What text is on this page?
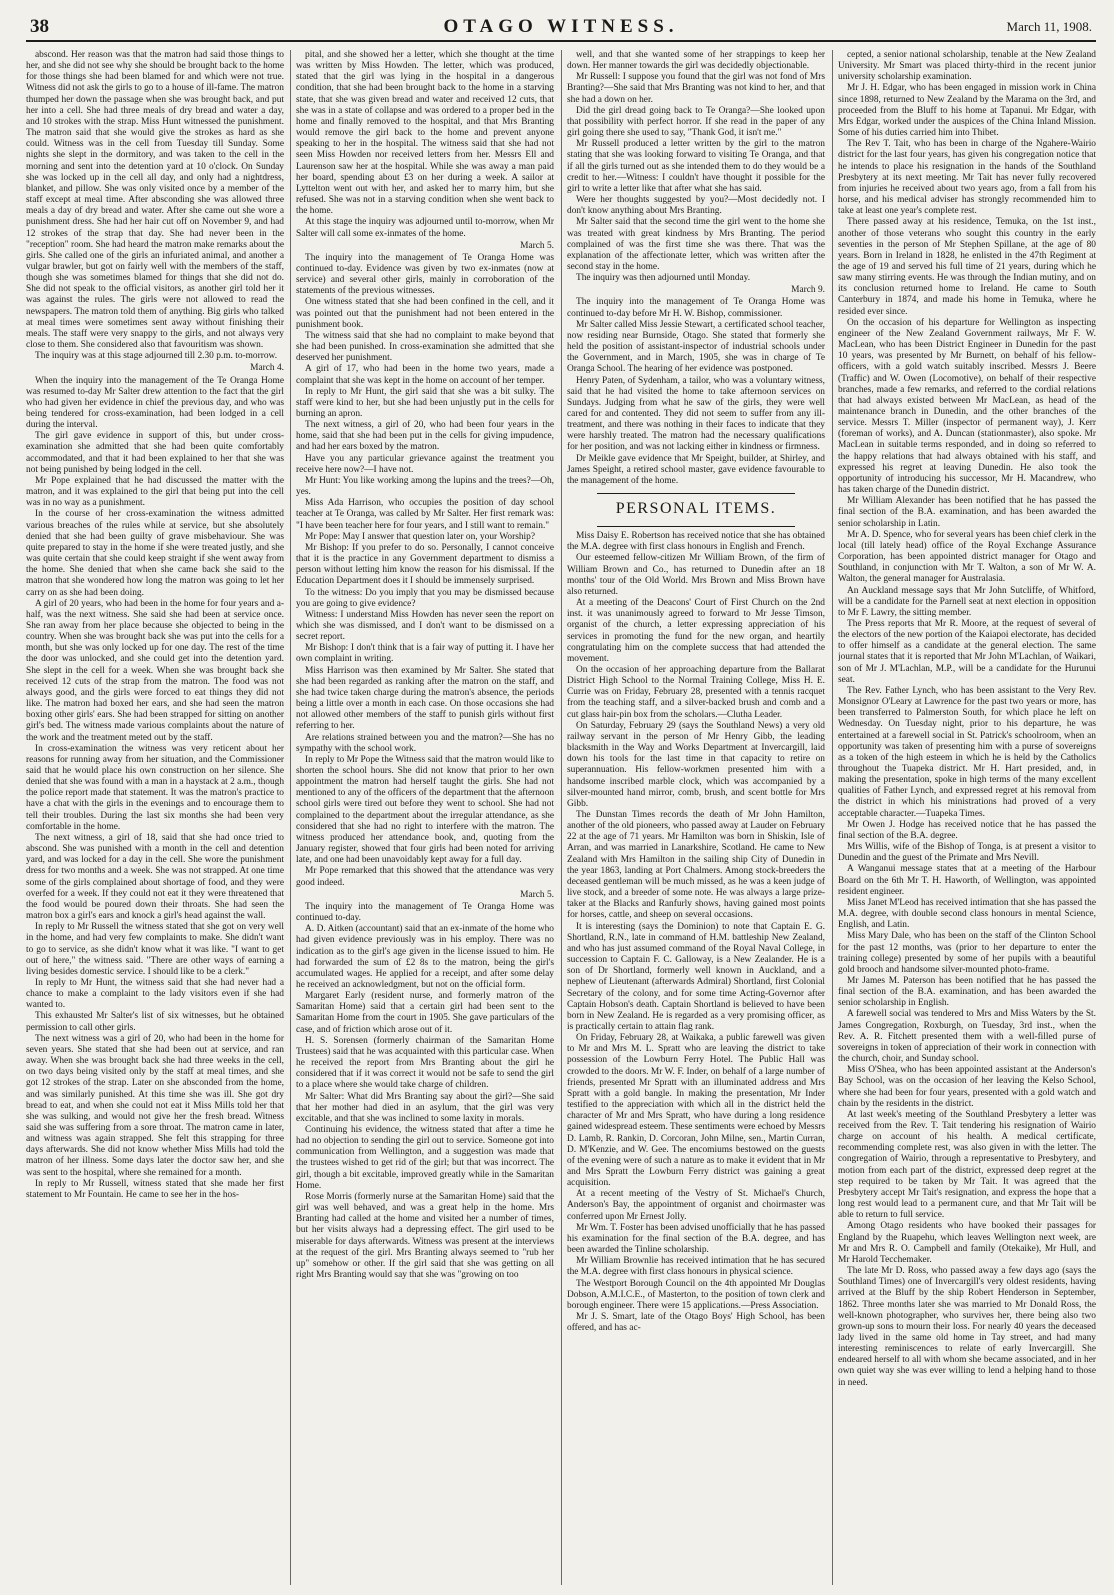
38	OTAGO WITNESS.	March 11, 1908.

abscond. Her reason was that the matron had said those things to her, and she did not see why she should be brought back to the home for those things she had been blamed for and which were not true. Witness did not ask the girls to go to a house of ill-fame. The matron thumped her down the passage when she was brought back, and put her into a cell. She had three meals of dry bread and water a day, and 10 strokes with the strap. Miss Hunt witnessed the punishment. The matron said that she would give the strokes as hard as she could. Witness was in the cell from Tuesday till Sunday. Some nights she slept in the dormitory, and was taken to the cell in the morning and sent into the detention yard at 10 o'clock. On Sunday she was locked up in the cell all day, and only had a nightdress, blanket, and pillow. She was only visited once by a member of the staff except at meal time. After absconding she was allowed three meals a day of dry bread and water. After she came out she wore a punishment dress. She had her hair cut off on November 9, and had 12 strokes of the strap that day. She had never been in the "reception" room. She had heard the matron make remarks about the girls. She called one of the girls an infuriated animal, and another a vulgar brawler, but got on fairly well with the members of the staff, though she was sometimes blamed for things that she did not do. She did not speak to the official visitors, as another girl told her it was against the rules. The girls were not allowed to read the newspapers. The matron told them of anything. Big girls who talked at meal times were sometimes sent away without finishing their meals. The staff were very snappy to the girls, and not always very close to them. She considered also that favouritism was shown.

The inquiry was at this stage adjourned till 2.30 p.m. to-morrow.

March 4.

When the inquiry into the management of the Te Oranga Home was resumed to-day Mr Salter drew attention to the fact that the girl who had given her evidence in chief the previous day, and who was being tendered for cross-examination, had been lodged in a cell during the interval.

The girl gave evidence in support of this, but under cross-examination she admitted that she had been quite comfortably accommodated, and that it had been explained to her that she was not being punished by being lodged in the cell.

Mr Pope explained that he had discussed the matter with the matron, and it was explained to the girl that being put into the cell was in no way as a punishment.

In the course of her cross-examination the witness admitted various breaches of the rules while at service, but she absolutely denied that she had been guilty of grave misbehaviour. She was quite prepared to stay in the home if she were treated justly, and she was quite certain that she could keep straight if she went away from the home. She denied that when she came back she said to the matron that she wondered how long the matron was going to let her carry on as she had been doing.

A girl of 20 years, who had been in the home for four years and a-half, was the next witness. She said she had been at service once. She ran away from her place because she objected to being in the country. When she was brought back she was put into the cells for a month, but she was only locked up for one day. The rest of the time the door was unlocked, and she could get into the detention yard. She slept in the cell for a week. When she was brought back she received 12 cuts of the strap from the matron. The food was not always good, and the girls were forced to eat things they did not like. The matron had boxed her ears, and she had seen the matron boxing other girls' ears. She had been strapped for sitting on another girl's bed. The witness made various complaints about the nature of the work and the treatment meted out by the staff.

In cross-examination the witness was very reticent about her reasons for running away from her situation, and the Commissioner said that he would place his own construction on her silence. She denied that she was found with a man in a haystack at 2 a.m., though the police report made that statement. It was the matron's practice to have a chat with the girls in the evenings and to encourage them to tell their troubles. During the last six months she had been very comfortable in the home.

The next witness, a girl of 18, said that she had once tried to abscond. She was punished with a month in the cell and detention yard, and was locked for a day in the cell. She wore the punishment dress for two months and a week. She was not strapped. At one time some of the girls complained about shortage of food, and they were overfed for a week. If they could not eat it they were threatened that the food would be poured down their throats. She had seen the matron box a girl's ears and knock a girl's head against the wall.

In reply to Mr Russell the witness stated that she got on very well in the home, and had very few complaints to make. She didn't want to go to service, as she didn't know what it was like. "I want to get out of here," the witness said. "There are other ways of earning a living besides domestic service. I should like to be a clerk."

In reply to Mr Hunt, the witness said that she had never had a chance to make a complaint to the lady visitors even if she had wanted to.

This exhausted Mr Salter's list of six witnesses, but he obtained permission to call other girls.

The next witness was a girl of 20, who had been in the home for seven years. She stated that she had been out at service, and ran away. When she was brought back she had three weeks in the cell, on two days being visited only by the staff at meal times, and she got 12 strokes of the strap. Later on she absconded from the home, and was similarly punished. At this time she was ill. She got dry bread to eat, and when she could not eat it Miss Mills told her that she was sulking, and would not give her the fresh bread. Witness said she was suffering from a sore throat. The matron came in later, and witness was again strapped. She felt this strapping for three days afterwards. She did not know whether Miss Mills had told the matron of her illness. Some days later the doctor saw her, and she was sent to the hospital, where she remained for a month.

In reply to Mr Russell, witness stated that she made her first statement to Mr Fountain. He came to see her in the hos-

pital, and she showed her a letter, which she thought at the time was written by Miss Howden. The letter, which was produced, stated that the girl was lying in the hospital in a dangerous condition, that she had been brought back to the home in a starving state, that she was given bread and water and received 12 cuts, that she was in a state of collapse and was ordered to a proper bed in the home and finally removed to the hospital, and that Mrs Branting would remove the girl back to the home and prevent anyone speaking to her in the hospital. The witness said that she had not seen Miss Howden nor received letters from her. Messrs Ell and Laurenson saw her at the hospital. While she was away a man paid her board, spending about £3 on her during a week. A sailor at Lyttelton went out with her, and asked her to marry him, but she refused. She was not in a starving condition when she went back to the home.

At this stage the inquiry was adjourned until to-morrow, when Mr Salter will call some ex-inmates of the home.

March 5.

The inquiry into the management of Te Oranga Home was continued to-day. Evidence was given by two ex-inmates (now at service) and several other girls, mainly in corroboration of the statements of the previous witnesses.

One witness stated that she had been confined in the cell, and it was pointed out that the punishment had not been entered in the punishment book.

The witness said that she had no complaint to make beyond that she had been punished. In cross-examination she admitted that she deserved her punishment.

A girl of 17, who had been in the home two years, made a complaint that she was kept in the home on account of her temper.

In reply to Mr Hunt, the girl said that she was a bit sulky. The staff were kind to her, but she had been unjustly put in the cells for burning an apron.

The next witness, a girl of 20, who had been four years in the home, said that she had been put in the cells for giving impudence, and had her ears boxed by the matron.

Have you any particular grievance against the treatment you receive here now?—I have not.

Mr Hunt: You like working among the lupins and the trees?—Oh, yes.

Miss Ada Harrison, who occupies the position of day school teacher at Te Oranga, was called by Mr Salter. Her first remark was: "I have been teacher here for four years, and I still want to remain."

Mr Pope: May I answer that question later on, your Worship?

Mr Bishop: If you prefer to do so. Personally, I cannot conceive that it is the practice in any Government department to dismiss a person without letting him know the reason for his dismissal. If the Education Department does it I should be immensely surprised.

To the witness: Do you imply that you may be dismissed because you are going to give evidence?

Witness: I understand Miss Howden has never seen the report on which she was dismissed, and I don't want to be dismissed on a secret report.

Mr Bishop: I don't think that is a fair way of putting it. I have her own complaint in writing.

Miss Harrison was then examined by Mr Salter. She stated that she had been regarded as ranking after the matron on the staff, and she had twice taken charge during the matron's absence, the periods being a little over a month in each case. On those occasions she had not allowed other members of the staff to punish girls without first referring to her.

Are relations strained between you and the matron?—She has no sympathy with the school work.

In reply to Mr Pope the Witness said that the matron would like to shorten the school hours. She did not know that prior to her own appointment the matron had herself taught the girls. She had not mentioned to any of the officers of the department that the afternoon school girls were tired out before they went to school. She had not complained to the department about the irregular attendance, as she considered that she had no right to interfere with the matron. The witness produced her attendance book, and, quoting from the January register, showed that four girls had been noted for arriving late, and one had been unavoidably kept away for a full day.

Mr Pope remarked that this showed that the attendance was very good indeed.

March 5.

The inquiry into the management of Te Oranga Home was continued to-day.

A. D. Aitken (accountant) said that an ex-inmate of the home who had given evidence previously was in his employ. There was no indication as to the girl's age given in the license issued to him. He had forwarded the sum of £2 8s to the matron, being the girl's accumulated wages. He applied for a receipt, and after some delay he received an acknowledgment, but not on the official form.

Margaret Early (resident nurse, and formerly matron of the Samaritan Home) said that a certain girl had been sent to the Samaritan Home from the court in 1905. She gave particulars of the case, and of friction which arose out of it.

H. S. Sorensen (formerly chairman of the Samaritan Home Trustees) said that he was acquainted with this particular case. When he received the report from Mrs Branting about the girl he considered that if it was correct it would not be safe to send the girl to a place where she would take charge of children.

Mr Salter: What did Mrs Branting say about the girl?—She said that her mother had died in an asylum, that the girl was very excitable, and that she was inclined to some laxity in morals.

Continuing his evidence, the witness stated that after a time he had no objection to sending the girl out to service. Someone got into communication from Wellington, and a suggestion was made that the trustees wished to get rid of the girl; but that was incorrect. The girl, though a bit excitable, improved greatly while in the Samaritan Home.

Rose Morris (formerly nurse at the Samaritan Home) said that the girl was well behaved, and was a great help in the home. Mrs Branting had called at the home and visited her a number of times, but her visits always had a depressing effect. The girl used to be miserable for days afterwards. Witness was present at the interviews at the request of the girl. Mrs Branting always seemed to "rub her up" somehow or other. If the girl said that she was getting on all right Mrs Branting would say that she was "growing on too

well, and that she wanted some of her strappings to keep her down. Her manner towards the girl was decidedly objectionable.

Mr Russell: I suppose you found that the girl was not fond of Mrs Branting?—She said that Mrs Branting was not kind to her, and that she had a down on her.

Did the girl dread going back to Te Oranga?—She looked upon that possibility with perfect horror. If she read in the paper of any girl going there she used to say, "Thank God, it isn't me."

Mr Russell produced a letter written by the girl to the matron stating that she was looking forward to visiting Te Oranga, and that if all the girls turned out as she intended them to do they would be a credit to her.—Witness: I couldn't have thought it possible for the girl to write a letter like that after what she has said.

Were her thoughts suggested by you?—Most decidedly not. I don't know anything about Mrs Branting.

Mr Salter said that the second time the girl went to the home she was treated with great kindness by Mrs Branting. The period complained of was the first time she was there. That was the explanation of the affectionate letter, which was written after the second stay in the home.

The inquiry was then adjourned until Monday.

March 9.

The inquiry into the management of Te Oranga Home was continued to-day before Mr H. W. Bishop, commissioner.

Mr Salter called Miss Jessie Stewart, a certificated school teacher, now residing near Burnside, Otago. She stated that formerly she held the position of assistant-inspector of industrial schools under the Government, and in March, 1905, she was in charge of Te Oranga School. The hearing of her evidence was postponed.

Henry Paten, of Sydenham, a tailor, who was a voluntary witness, said that he had visited the home to take afternoon services on Sundays. Judging from what he saw of the girls, they were well cared for and contented. They did not seem to suffer from any ill-treatment, and there was nothing in their faces to indicate that they were harshly treated. The matron had the necessary qualifications for her position, and was not lacking either in kindness or firmness.

Dr Meikle gave evidence that Mr Speight, builder, at Shirley, and James Speight, a retired school master, gave evidence favourable to the management of the home.

PERSONAL ITEMS.

Miss Daisy E. Robertson has received notice that she has obtained the M.A. degree with first class honours in English and French.

Our esteemed fellow-citizen Mr William Brown, of the firm of William Brown and Co., has returned to Dunedin after an 18 months' tour of the Old World. Mrs Brown and Miss Brown have also returned.

At a meeting of the Deacons' Court of First Church on the 2nd inst. it was unanimously agreed to forward to Mr Jesse Timson, organist of the church, a letter expressing appreciation of his services in promoting the fund for the new organ, and heartily congratulating him on the complete success that had attended the movement.

On the occasion of her approaching departure from the Ballarat District High School to the Normal Training College, Miss H. E. Currie was on Friday, February 28, presented with a tennis racquet from the teaching staff, and a silver-backed brush and comb and a cut glass hair-pin box from the scholars.—Clutha Leader.

On Saturday, February 29 (says the Southland News) a very old railway servant in the person of Mr Henry Gibb, the leading blacksmith in the Way and Works Department at Invercargill, laid down his tools for the last time in that capacity to retire on superannuation. His fellow-workmen presented him with a handsome inscribed marble clock, which was accompanied by a silver-mounted hand mirror, comb, brush, and scent bottle for Mrs Gibb.

The Dunstan Times records the death of Mr John Hamilton, another of the old pioneers, who passed away at Lauder on February 22 at the age of 71 years. Mr Hamilton was born in Shiskin, Isle of Arran, and was married in Lanarkshire, Scotland. He came to New Zealand with Mrs Hamilton in the sailing ship City of Dunedin in the year 1863, landing at Port Chalmers. Among stock-breeders the deceased gentleman will be much missed, as he was a keen judge of live stock, and a breeder of some note. He was always a large prize-taker at the Blacks and Ranfurly shows, having gained most points for horses, cattle, and sheep on several occasions.

It is interesting (says the Dominion) to note that Captain E. G. Shortland, R.N., late in command of H.M. battleship New Zealand, and who has just assumed command of the Royal Naval College, in succession to Captain F. C. Galloway, is a New Zealander. He is a son of Dr Shortland, formerly well known in Auckland, and a nephew of Lieutenant (afterwards Admiral) Shortland, first Colonial Secretary of the colony, and for some time Acting-Governor after Captain Hobson's death. Captain Shortland is believed to have been born in New Zealand. He is regarded as a very promising officer, as is practically certain to attain flag rank.

On Friday, February 28, at Waikaka, a public farewell was given to Mr and Mrs M. L. Spratt who are leaving the district to take possession of the Lowburn Ferry Hotel. The Public Hall was crowded to the doors. Mr W. F. Inder, on behalf of a large number of friends, presented Mr Spratt with an illuminated address and Mrs Spratt with a gold bangle. In making the presentation, Mr Inder testified to the appreciation with which all in the district held the character of Mr and Mrs Spratt, who have during a long residence gained widespread esteem. These sentiments were echoed by Messrs D. Lamb, R. Rankin, D. Corcoran, John Milne, sen., Martin Curran, D. M'Kenzie, and W. Gee. The encomiums bestowed on the guests of the evening were of such a nature as to make it evident that in Mr and Mrs Spratt the Lowburn Ferry district was gaining a great acquisition.

At a recent meeting of the Vestry of St. Michael's Church, Anderson's Bay, the appointment of organist and choirmaster was conferred upon Mr Ernest Jolly.

Mr Wm. T. Foster has been advised unofficially that he has passed his examination for the final section of the B.A. degree, and has been awarded the Tinline scholarship.

Mr William Brownlie has received intimation that he has secured the M.A. degree with first class honours in physical science.

The Westport Borough Council on the 4th appointed Mr Douglas Dobson, A.M.I.C.E., of Masterton, to the position of town clerk and borough engineer. There were 15 applications.—Press Association.

Mr J. S. Smart, late of the Otago Boys' High School, has been offered, and has ac-

cepted, a senior national scholarship, tenable at the New Zealand University. Mr Smart was placed thirty-third in the recent junior university scholarship examination.

Mr J. H. Edgar, who has been engaged in mission work in China since 1898, returned to New Zealand by the Marama on the 3rd, and proceeded from the Bluff to his home at Tapanui. Mr Edgar, with Mrs Edgar, worked under the auspices of the China Inland Mission. Some of his duties carried him into Thibet.

The Rev T. Tait, who has been in charge of the Ngahere-Wairio district for the last four years, has given his congregation notice that he intends to place his resignation in the hands of the Southland Presbytery at its next meeting. Mr Tait has never fully recovered from injuries he received about two years ago, from a fall from his horse, and his medical adviser has strongly recommended him to take at least one year's complete rest.

There passed away at his residence, Temuka, on the 1st inst., another of those veterans who sought this country in the early seventies in the person of Mr Stephen Spillane, at the age of 80 years. Born in Ireland in 1828, he enlisted in the 47th Regiment at the age of 19 and served his full time of 21 years, during which he saw many stirring events. He was through the Indian mutiny, and on its conclusion returned home to Ireland. He came to South Canterbury in 1874, and made his home in Temuka, where he resided ever since.

On the occasion of his departure for Wellington as inspecting engineer of the New Zealand Government railways, Mr F. W. MacLean, who has been District Engineer in Dunedin for the past 10 years, was presented by Mr Burnett, on behalf of his fellow-officers, with a gold watch suitably inscribed. Messrs J. Beere (Traffic) and W. Owen (Locomotive), on behalf of their respective branches, made a few remarks, and referred to the cordial relations that had always existed between Mr MacLean, as head of the maintenance branch in Dunedin, and the other branches of the service. Messrs T. Miller (inspector of permanent way), J. Kerr (foreman of works), and A. Duncan (stationmaster), also spoke. Mr MacLean in suitable terms responded, and in doing so referred to the happy relations that had always obtained with his staff, and expressed his regret at leaving Dunedin. He also took the opportunity of introducing his successor, Mr H. Macandrew, who has taken charge of the Dunedin district.

Mr William Alexander has been notified that he has passed the final section of the B.A. examination, and has been awarded the senior scholarship in Latin.

Mr A. D. Spence, who for several years has been chief clerk in the local (till lately head) office of the Royal Exchange Assurance Corporation, has been appointed district manager for Otago and Southland, in conjunction with Mr T. Walton, a son of Mr W. A. Walton, the general manager for Australasia.

An Auckland message says that Mr John Sutcliffe, of Whitford, will be a candidate for the Parnell seat at next election in opposition to Mr F. Lawry, the sitting member.

The Press reports that Mr R. Moore, at the request of several of the electors of the new portion of the Kaiapoi electorate, has decided to offer himself as a candidate at the general election. The same journal states that it is reported that Mr John M'Lachlan, of Waikari, son of Mr J. M'Lachlan, M.P., will be a candidate for the Hurunui seat.

The Rev. Father Lynch, who has been assistant to the Very Rev. Monsignor O'Leary at Lawrence for the past two years or more, has been transferred to Palmerston South, for which place he left on Wednesday. On Tuesday night, prior to his departure, he was entertained at a farewell social in St. Patrick's schoolroom, when an opportunity was taken of presenting him with a purse of sovereigns as a token of the high esteem in which he is held by the Catholics throughout the Tuapeka district. Mr H. Hart presided, and, in making the presentation, spoke in high terms of the many excellent qualities of Father Lynch, and expressed regret at his removal from the district in which his ministrations had proved of a very acceptable character.—Tuapeka Times.

Mr Owen J. Hodge has received notice that he has passed the final section of the B.A. degree.

Mrs Willis, wife of the Bishop of Tonga, is at present a visitor to Dunedin and the guest of the Primate and Mrs Nevill.

A Wanganui message states that at a meeting of the Harbour Board on the 6th Mr T. H. Haworth, of Wellington, was appointed resident engineer.

Miss Janet M'Leod has received intimation that she has passed the M.A. degree, with double second class honours in mental Science, English, and Latin.

Miss Mary Dale, who has been on the staff of the Clinton School for the past 12 months, was (prior to her departure to enter the training college) presented by some of her pupils with a beautiful gold brooch and handsome silver-mounted photo-frame.

Mr James M. Paterson has been notified that he has passed the final section of the B.A. examination, and has been awarded the senior scholarship in English.

A farewell social was tendered to Mrs and Miss Waters by the St. James Congregation, Roxburgh, on Tuesday, 3rd inst., when the Rev. A. R. Fitchett presented them with a well-filled purse of sovereigns in token of appreciation of their work in connection with the church, choir, and Sunday school.

Miss O'Shea, who has been appointed assistant at the Anderson's Bay School, was on the occasion of her leaving the Kelso School, where she had been for four years, presented with a gold watch and chain by the residents in the district.

At last week's meeting of the Southland Presbytery a letter was received from the Rev. T. Tait tendering his resignation of Wairio charge on account of his health. A medical certificate, recommending complete rest, was also given in with the letter. The congregation of Wairio, through a representative to Presbytery, and motion from each part of the district, expressed deep regret at the step required to be taken by Mr Tait. It was agreed that the Presbytery accept Mr Tait's resignation, and express the hope that a long rest would lead to a permanent cure, and that Mr Tait will be able to return to full service.

Among Otago residents who have booked their passages for England by the Ruapehu, which leaves Wellington next week, are Mr and Mrs R. O. Campbell and family (Otekaike), Mr Hull, and Mr Harold Tecchemaker.

The late Mr D. Ross, who passed away a few days ago (says the Southland Times) one of Invercargill's very oldest residents, having arrived at the Bluff by the ship Robert Henderson in September, 1862. Three months later she was married to Mr Donald Ross, the well-known photographer, who survives her, there being also two grown-up sons to mourn their loss. For nearly 40 years the deceased lady lived in the same old home in Tay street, and had many interesting reminiscences to relate of early Invercargill. She endeared herself to all with whom she became associated, and in her own quiet way she was ever willing to lend a helping hand to those in need.
